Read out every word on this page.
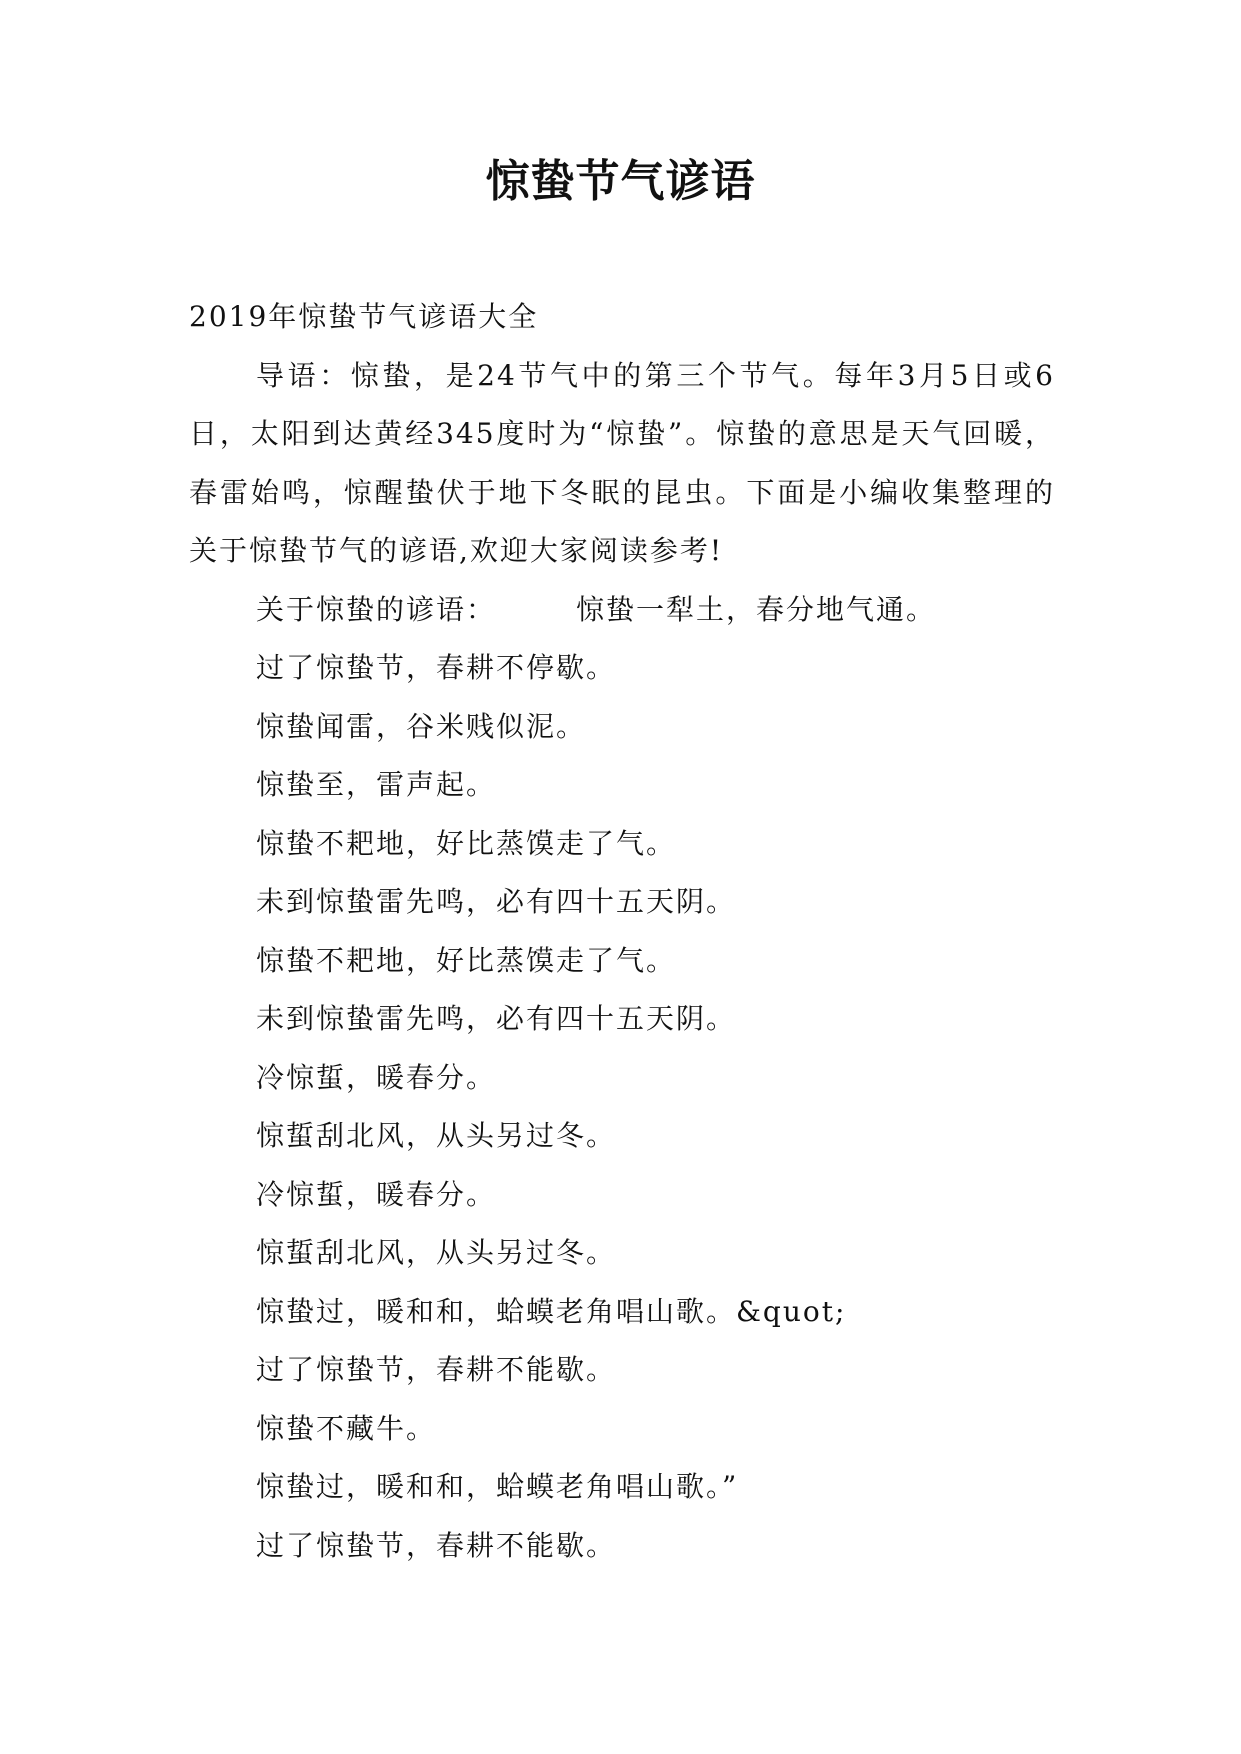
惊蛰节气谚语
2019年惊蛰节气谚语大全
导语：惊蛰，是24节气中的第三个节气。每年3月5日或6日，太阳到达黄经345度时为“惊蛰”。惊蛰的意思是天气回暖，春雷始鸣，惊醒蛰伏于地下冬眠的昆虫。下面是小编收集整理的关于惊蛰节气的谚语,欢迎大家阅读参考!
关于惊蛰的谚语：	惊蛰一犁土，春分地气通。
过了惊蛰节，春耕不停歇。
惊蛰闻雷，谷米贱似泥。
惊蛰至，雷声起。
惊蛰不耙地，好比蒸馍走了气。
未到惊蛰雷先鸣，必有四十五天阴。
惊蛰不耙地，好比蒸馍走了气。
未到惊蛰雷先鸣，必有四十五天阴。
冷惊蜇，暖春分。
惊蜇刮北风，从头另过冬。
冷惊蜇，暖春分。
惊蜇刮北风，从头另过冬。
惊蛰过，暖和和，蛤蟆老角唱山歌。&quot;
过了惊蛰节，春耕不能歇。
惊蛰不藏牛。
惊蛰过，暖和和，蛤蟆老角唱山歌。”
过了惊蛰节，春耕不能歇。
